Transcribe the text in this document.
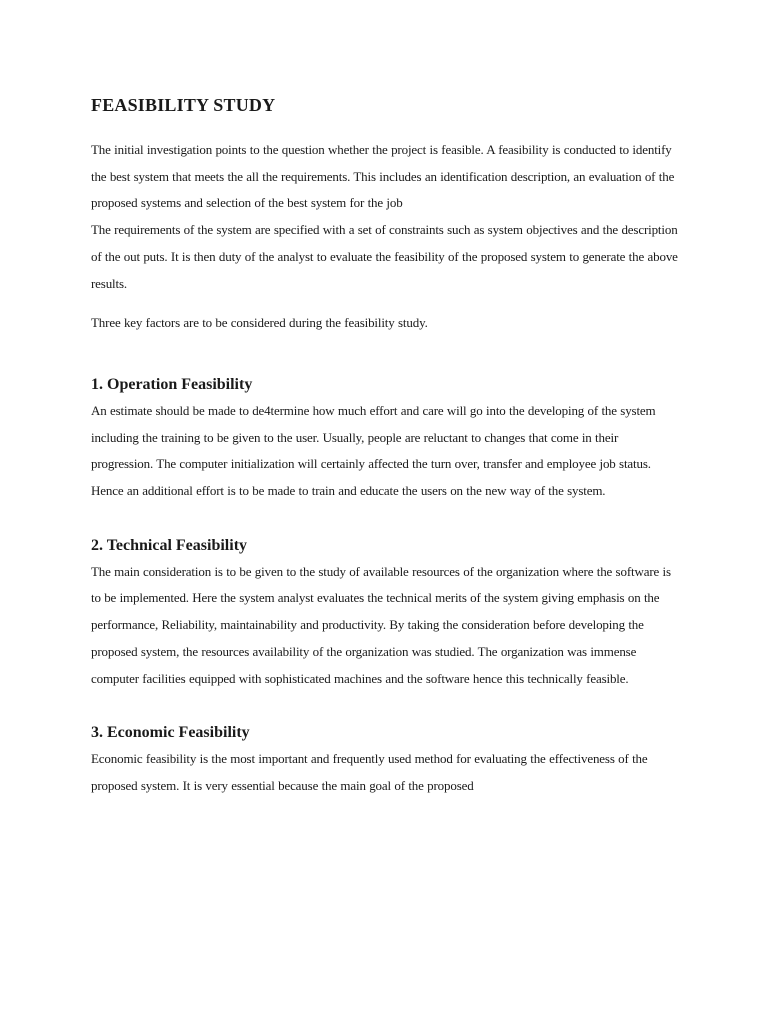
FEASIBILITY STUDY

The initial investigation points to the question whether the project is feasible. A feasibility is conducted to identify the best system that meets the all the requirements. This includes an identification description, an evaluation of the proposed systems and selection of the best system for the job

The requirements of the system are specified with a set of constraints such as system objectives and the description of the out puts. It is then duty of the analyst to evaluate the feasibility of the proposed system to generate the above results.

Three key factors are to be considered during the feasibility study.

1. Operation Feasibility

An estimate should be made to de4termine how much effort and care will go into the developing of the system including the training to be given to the user. Usually, people are reluctant to changes that come in their progression. The computer initialization will certainly affected the turn over, transfer and employee job status. Hence an additional effort is to be made to train and educate the users on the new way of the system.

2. Technical Feasibility

The main consideration is to be given to the study of available resources of the organization where the software is to be implemented. Here the system analyst evaluates the technical merits of the system giving emphasis on the performance, Reliability, maintainability and productivity. By taking the consideration before developing the proposed system, the resources availability of the organization was studied. The organization was immense computer facilities equipped with sophisticated machines and the software hence this technically feasible.

3. Economic Feasibility

Economic feasibility is the most important and frequently used method for evaluating the effectiveness of the proposed system. It is very essential because the main goal of the proposed
